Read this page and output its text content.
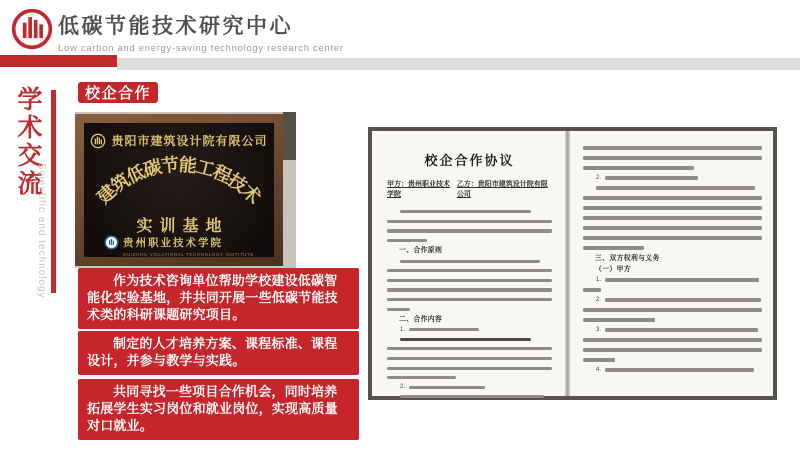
低碳节能技术研究中心
Low carbon and energy-saving technology research center
学术交流
Scientific and technology
校企合作
贵阳市建筑设计院有限公司
建
筑
低
碳
节
能
工
程
技
术
实训基地
贵州职业技术学院
GUIZHOU VOCATIONAL TECHNOLOGY INSTITUTE
作为技术咨询单位帮助学校建设低碳智能化实验基地，并共同开展一些低碳节能技术类的科研课题研究项目。
制定的人才培养方案、课程标准、课程设计，并参与教学与实践。
共同寻找一些项目合作机会，同时培养拓展学生实习岗位和就业岗位，实现高质量对口就业。
校企合作协议
甲方：贵州职业技术学院
乙方：贵阳市建筑设计院有限公司
一、合作原则
二、合作内容
1.
2.
2.
三、双方权利与义务
（一）甲方
1.
2.
3.
4.
